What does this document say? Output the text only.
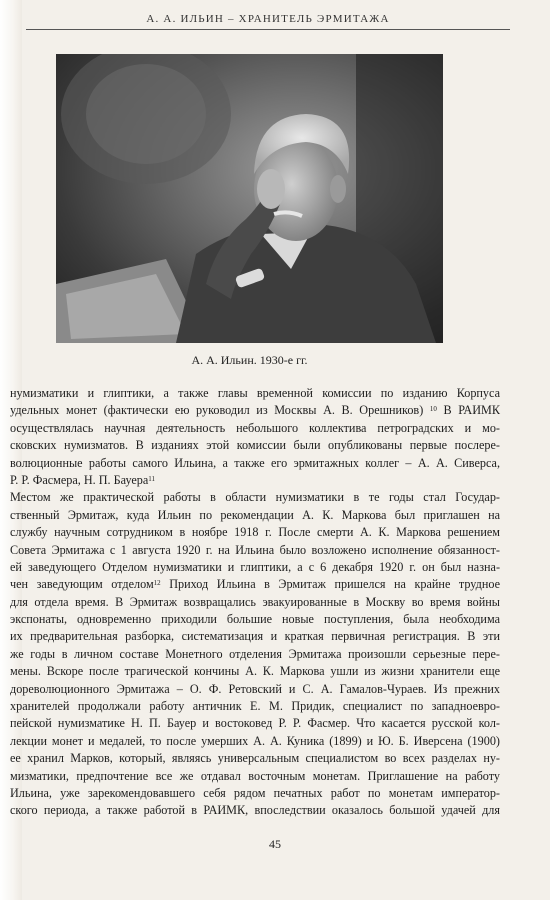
А. А. ИЛЬИН – ХРАНИТЕЛЬ ЭРМИТАЖА
А. А. Ильин. 1930-е гг.
нумизматики и глиптики, а также главы временной комиссии по изданию Корпуса
удельных монет (фактически ею руководил из Москвы А. В. Орешников) $^{10}$ В РАИМК
осуществлялась научная деятельность небольшого коллектива петроградских и мо-
сковских нумизматов. В изданиях этой комиссии были опубликованы первые послере-
волюционные работы самого Ильина, а также его эрмитажных коллег – А. А. Сиверса,
Р. Р. Фасмера, Н. П. Бауера$^{11}$
Местом же практической работы в области нумизматики в те годы стал Государ-
ственный Эрмитаж, куда Ильин по рекомендации А. К. Маркова был приглашен на
службу научным сотрудником в ноябре 1918 г. После смерти А. К. Маркова решением
Совета Эрмитажа с 1 августа 1920 г. на Ильина было возложено исполнение обязанност-
ей заведующего Отделом нумизматики и глиптики, а с 6 декабря 1920 г. он был назна-
чен заведующим отделом$^{12}$ Приход Ильина в Эрмитаж пришелся на крайне трудное
для отдела время. В Эрмитаж возвращались эвакуированные в Москву во время войны
экспонаты, одновременно приходили большие новые поступления, была необходима
их предварительная разборка, систематизация и краткая первичная регистрация. В эти
же годы в личном составе Монетного отделения Эрмитажа произошли серьезные пере-
мены. Вскоре после трагической кончины А. К. Маркова ушли из жизни хранители еще
дореволюционного Эрмитажа – О. Ф. Ретовский и С. А. Гамалов-Чураев. Из прежних
хранителей продолжали работу античник Е. М. Придик, специалист по западноевро-
пейской нумизматике Н. П. Бауер и востоковед Р. Р. Фасмер. Что касается русской кол-
лекции монет и медалей, то после умерших А. А. Куника (1899) и Ю. Б. Иверсена (1900)
ее хранил Марков, который, являясь универсальным специалистом во всех разделах ну-
мизматики, предпочтение все же отдавал восточным монетам. Приглашение на работу
Ильина, уже зарекомендовавшего себя рядом печатных работ по монетам император-
ского периода, а также работой в РАИМК, впоследствии оказалось большой удачей для
45
